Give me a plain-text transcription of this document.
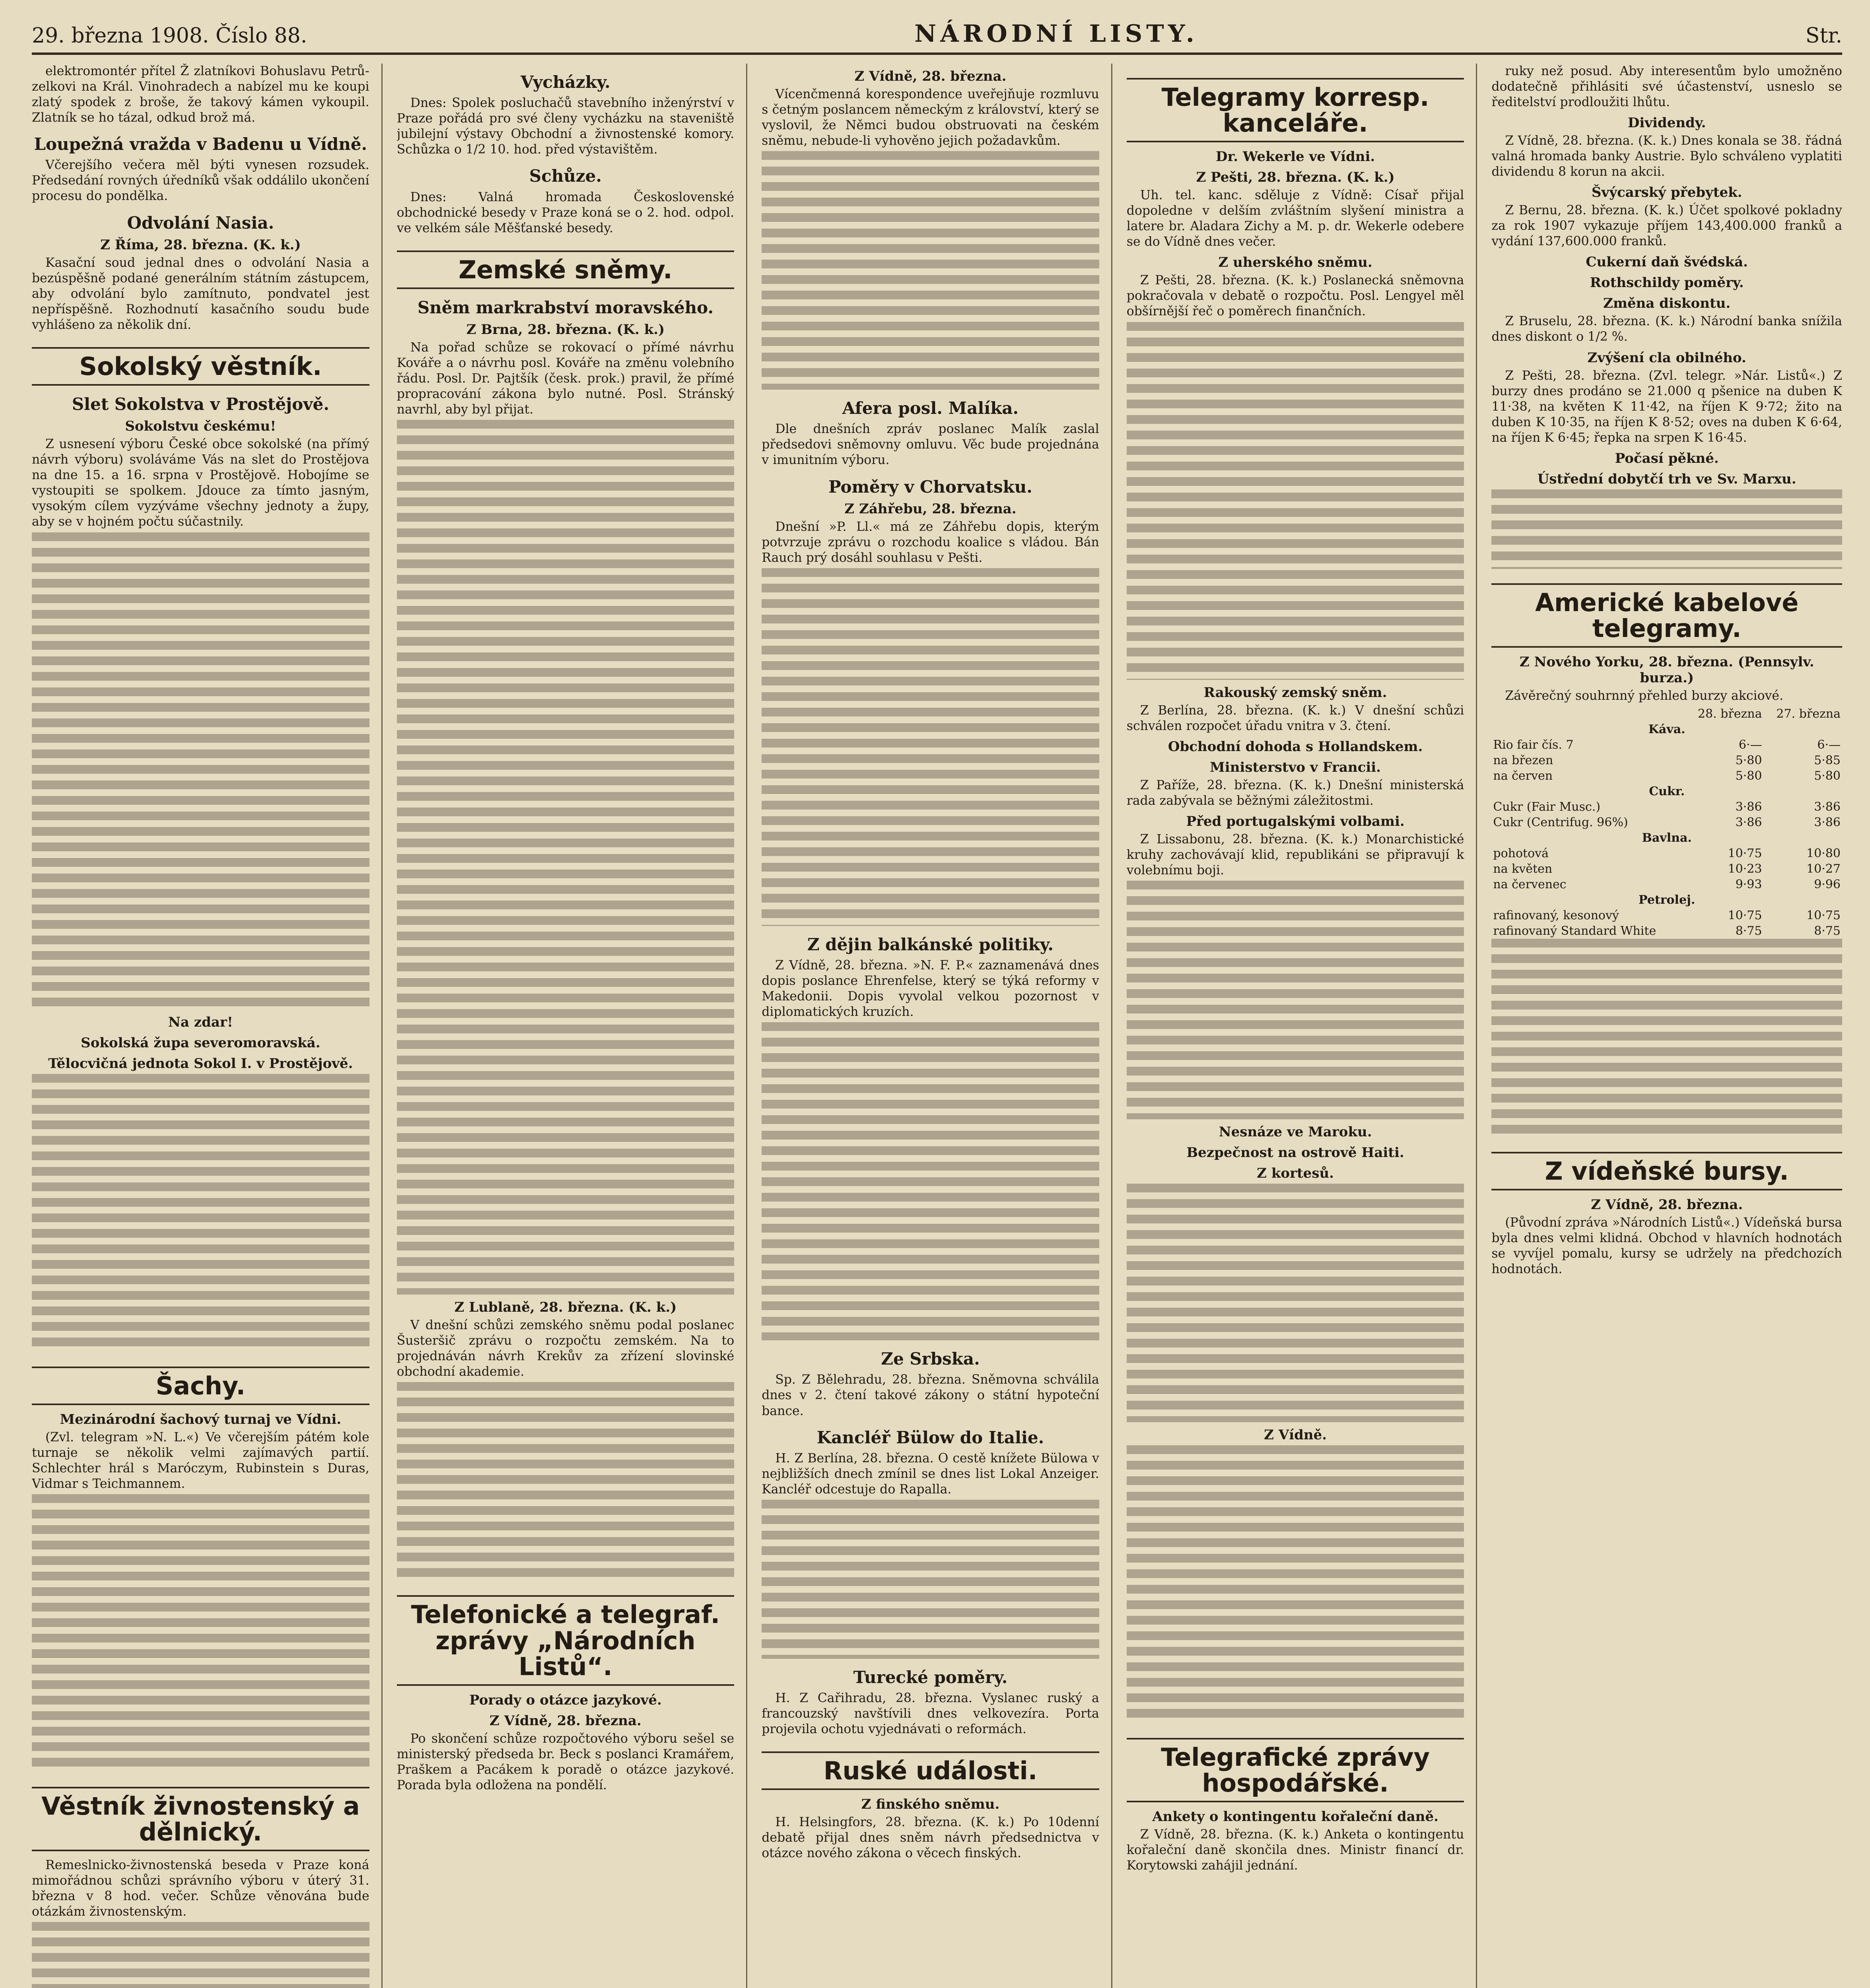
29. března 1908. Číslo 88.	NÁRODNÍ LISTY.	Str.

elektromontér přítel Ž zlatníkovi Bohuslavu Petrů-zelkovi na Král. Vinohradech a nabízel mu ke koupi zlatý spodek z broše, že takový kámen vykoupil. Zlatník se ho tázal, odkud brož má.

Loupežná vražda v Badenu u Vídně.

Včerejšího večera měl býti vynesen rozsudek. Předsedání rovných úředníků však oddálilo ukončení procesu do pondělka.

Odvolání Nasia.
Z Říma, 28. března. (K. k.)

Kasační soud jednal dnes o odvolání Nasia a bezúspěšně podané generálním státním zástupcem, aby odvolání bylo zamítnuto, pondvatel jest nepříspěšně. Rozhodnutí kasačního soudu bude vyhlášeno za několik dní.

Sokolský věstník.
Slet Sokolstva v Prostějově.
Sokolstvu českému!

Z usnesení výboru České obce sokolské (na přímý návrh výboru) svoláváme Vás na slet do Prostějova na dne 15. a 16. srpna v Prostějově. Hobojíme se vystoupiti se spolkem. Jdouce za tímto jasným, vysokým cílem vyzýváme všechny jednoty a župy, aby se v hojném počtu súčastnily.

Na zdar!
Sokolská župa severomoravská.
Tělocvičná jednota Sokol I. v Prostějově.
Šachy.
Mezinárodní šachový turnaj ve Vídni.

(Zvl. telegram »N. L.«) Ve včerejším pátém kole turnaje se několik velmi zajímavých partií. Schlechter hrál s Maróczym, Rubinstein s Duras, Vidmar s Teichmannem.

Věstník živnostenský a dělnický.

Remeslnicko-živnostenská beseda v Praze koná mimořádnou schůzi správního výboru v úterý 31. března v 8 hod. večer. Schůze věnována bude otázkám živnostenským.

Vycházky.

Dnes: Spolek posluchačů stavebního inženýrství v Praze pořádá pro své členy vycházku na staveniště jubilejní výstavy Obchodní a živnostenské komory. Schůzka o 1/2 10. hod. před výstavištěm.

Schůze.

Dnes: Valná hromada Československé obchodnické besedy v Praze koná se o 2. hod. odpol. ve velkém sále Měšťanské besedy.

Zemské sněmy.
Sněm markrabství moravského.
Z Brna, 28. března. (K. k.)

Na pořad schůze se rokovací o přímé návrhu Kováře a o návrhu posl. Kováře na změnu volebního řádu. Posl. Dr. Pajtšík (česk. prok.) pravil, že přímé propracování zákona bylo nutné. Posl. Stránský navrhl, aby byl přijat.

Z Lublaně, 28. března. (K. k.)

V dnešní schůzi zemského sněmu podal poslanec Šusteršič zprávu o rozpočtu zemském. Na to projednáván návrh Krekův za zřízení slovinské obchodní akademie.

Telefonické a telegraf. zprávy „Národních Listů“.
Porady o otázce jazykové.
Z Vídně, 28. března.

Po skončení schůze rozpočtového výboru sešel se ministerský předseda br. Beck s poslanci Kramářem, Praškem a Pacákem k poradě o otázce jazykové. Porada byla odložena na pondělí.

Z Vídně, 28. března.

Vícenčmenná korespondence uveřejňuje rozmluvu s četným poslancem německým z království, který se vyslovil, že Němci budou obstruovati na českém sněmu, nebude-li vyhověno jejich požadavkům.

Afera posl. Malíka.

Dle dnešních zpráv poslanec Malík zaslal předsedovi sněmovny omluvu. Věc bude projednána v imunitním výboru.

Poměry v Chorvatsku.
Z Záhřebu, 28. března.

Dnešní »P. Ll.« má ze Záhřebu dopis, kterým potvrzuje zprávu o rozchodu koalice s vládou. Bán Rauch prý dosáhl souhlasu v Pešti.

Z dějin balkánské politiky.

Z Vídně, 28. března. »N. F. P.« zaznamenává dnes dopis poslance Ehrenfelse, který se týká reformy v Makedonii. Dopis vyvolal velkou pozornost v diplomatických kruzích.

Ze Srbska.

Sp. Z Bělehradu, 28. března. Sněmovna schválila dnes v 2. čtení takové zákony o státní hypoteční bance.

Kancléř Bülow do Italie.

H. Z Berlína, 28. března. O cestě knížete Bülowa v nejbližších dnech zmínil se dnes list Lokal Anzeiger. Kancléř odcestuje do Rapalla.

Turecké poměry.

H. Z Cařihradu, 28. března. Vyslanec ruský a francouzský navštívili dnes velkovezíra. Porta projevila ochotu vyjednávati o reformách.

Ruské události.
Z finského sněmu.

H. Helsingfors, 28. března. (K. k.) Po 10denní debatě přijal dnes sněm návrh předsednictva v otázce nového zákona o věcech finských.

Telegramy korresp. kanceláře.
Dr. Wekerle ve Vídni.
Z Pešti, 28. března. (K. k.)

Uh. tel. kanc. sděluje z Vídně: Císař přijal dopoledne v delším zvláštním slyšení ministra a latere br. Aladara Zichy a M. p. dr. Wekerle odebere se do Vídně dnes večer.

Z uherského sněmu.

Z Pešti, 28. března. (K. k.) Poslanecká sněmovna pokračovala v debatě o rozpočtu. Posl. Lengyel měl obšírnější řeč o poměrech finančních.

Rakouský zemský sněm.

Z Berlína, 28. března. (K. k.) V dnešní schůzi schválen rozpočet úřadu vnitra v 3. čtení.

Obchodní dohoda s Hollandskem.
Ministerstvo v Francii.

Z Paříže, 28. března. (K. k.) Dnešní ministerská rada zabývala se běžnými záležitostmi.

Před portugalskými volbami.

Z Lissabonu, 28. března. (K. k.) Monarchistické kruhy zachovávají klid, republikáni se připravují k volebnímu boji.

Nesnáze ve Maroku.
Bezpečnost na ostrově Haiti.
Z kortesů.
Z Vídně.
Telegrafické zprávy hospodářské.
Ankety o kontingentu kořaleční daně.

Z Vídně, 28. března. (K. k.) Anketa o kontingentu kořaleční daně skončila dnes. Ministr financí dr. Korytowski zahájil jednání.

ruky než posud. Aby interesentům bylo umožněno dodatečně přihlásiti své účastenství, usneslo se ředitelství prodloužiti lhůtu.

Dividendy.

Z Vídně, 28. března. (K. k.) Dnes konala se 38. řádná valná hromada banky Austrie. Bylo schváleno vyplatiti dividendu 8 korun na akcii.

Švýcarský přebytek.

Z Bernu, 28. března. (K. k.) Účet spolkové pokladny za rok 1907 vykazuje příjem 143,400.000 franků a vydání 137,600.000 franků.

Cukerní daň švédská.
Rothschildy poměry.
Změna diskontu.

Z Bruselu, 28. března. (K. k.) Národní banka snížila dnes diskont o 1/2 %.

Zvýšení cla obilného.

Z Pešti, 28. března. (Zvl. telegr. »Nár. Listů«.) Z burzy dnes prodáno se 21.000 q pšenice na duben K 11·38, na květen K 11·42, na říjen K 9·72; žito na duben K 10·35, na říjen K 8·52; oves na duben K 6·64, na říjen K 6·45; řepka na srpen K 16·45.

Počasí pěkné.
Ústřední dobytčí trh ve Sv. Marxu.
Americké kabelové telegramy.
Z Nového Yorku, 28. března. (Pennsylv. burza.)

Závěrečný souhrnný přehled burzy akciové.

	28. března	27. března
Káva.		
Rio fair čís. 7	6·—	6·—
na březen	5·80	5·85
na červen	5·80	5·80
Cukr.		
Cukr (Fair Musc.)	3·86	3·86
Cukr (Centrifug. 96%)	3·86	3·86
Bavlna.		
pohotová	10·75	10·80
na květen	10·23	10·27
na červenec	9·93	9·96
Petrolej.		
rafinovaný, kesonový	10·75	10·75
rafinovaný Standard White	8·75	8·75
Z vídeňské bursy.
Z Vídně, 28. března.

(Původní zpráva »Národních Listů«.) Vídeňská bursa byla dnes velmi klidná. Obchod v hlavních hodnotách se vyvíjel pomalu, kursy se udržely na předchozích hodnotách.
